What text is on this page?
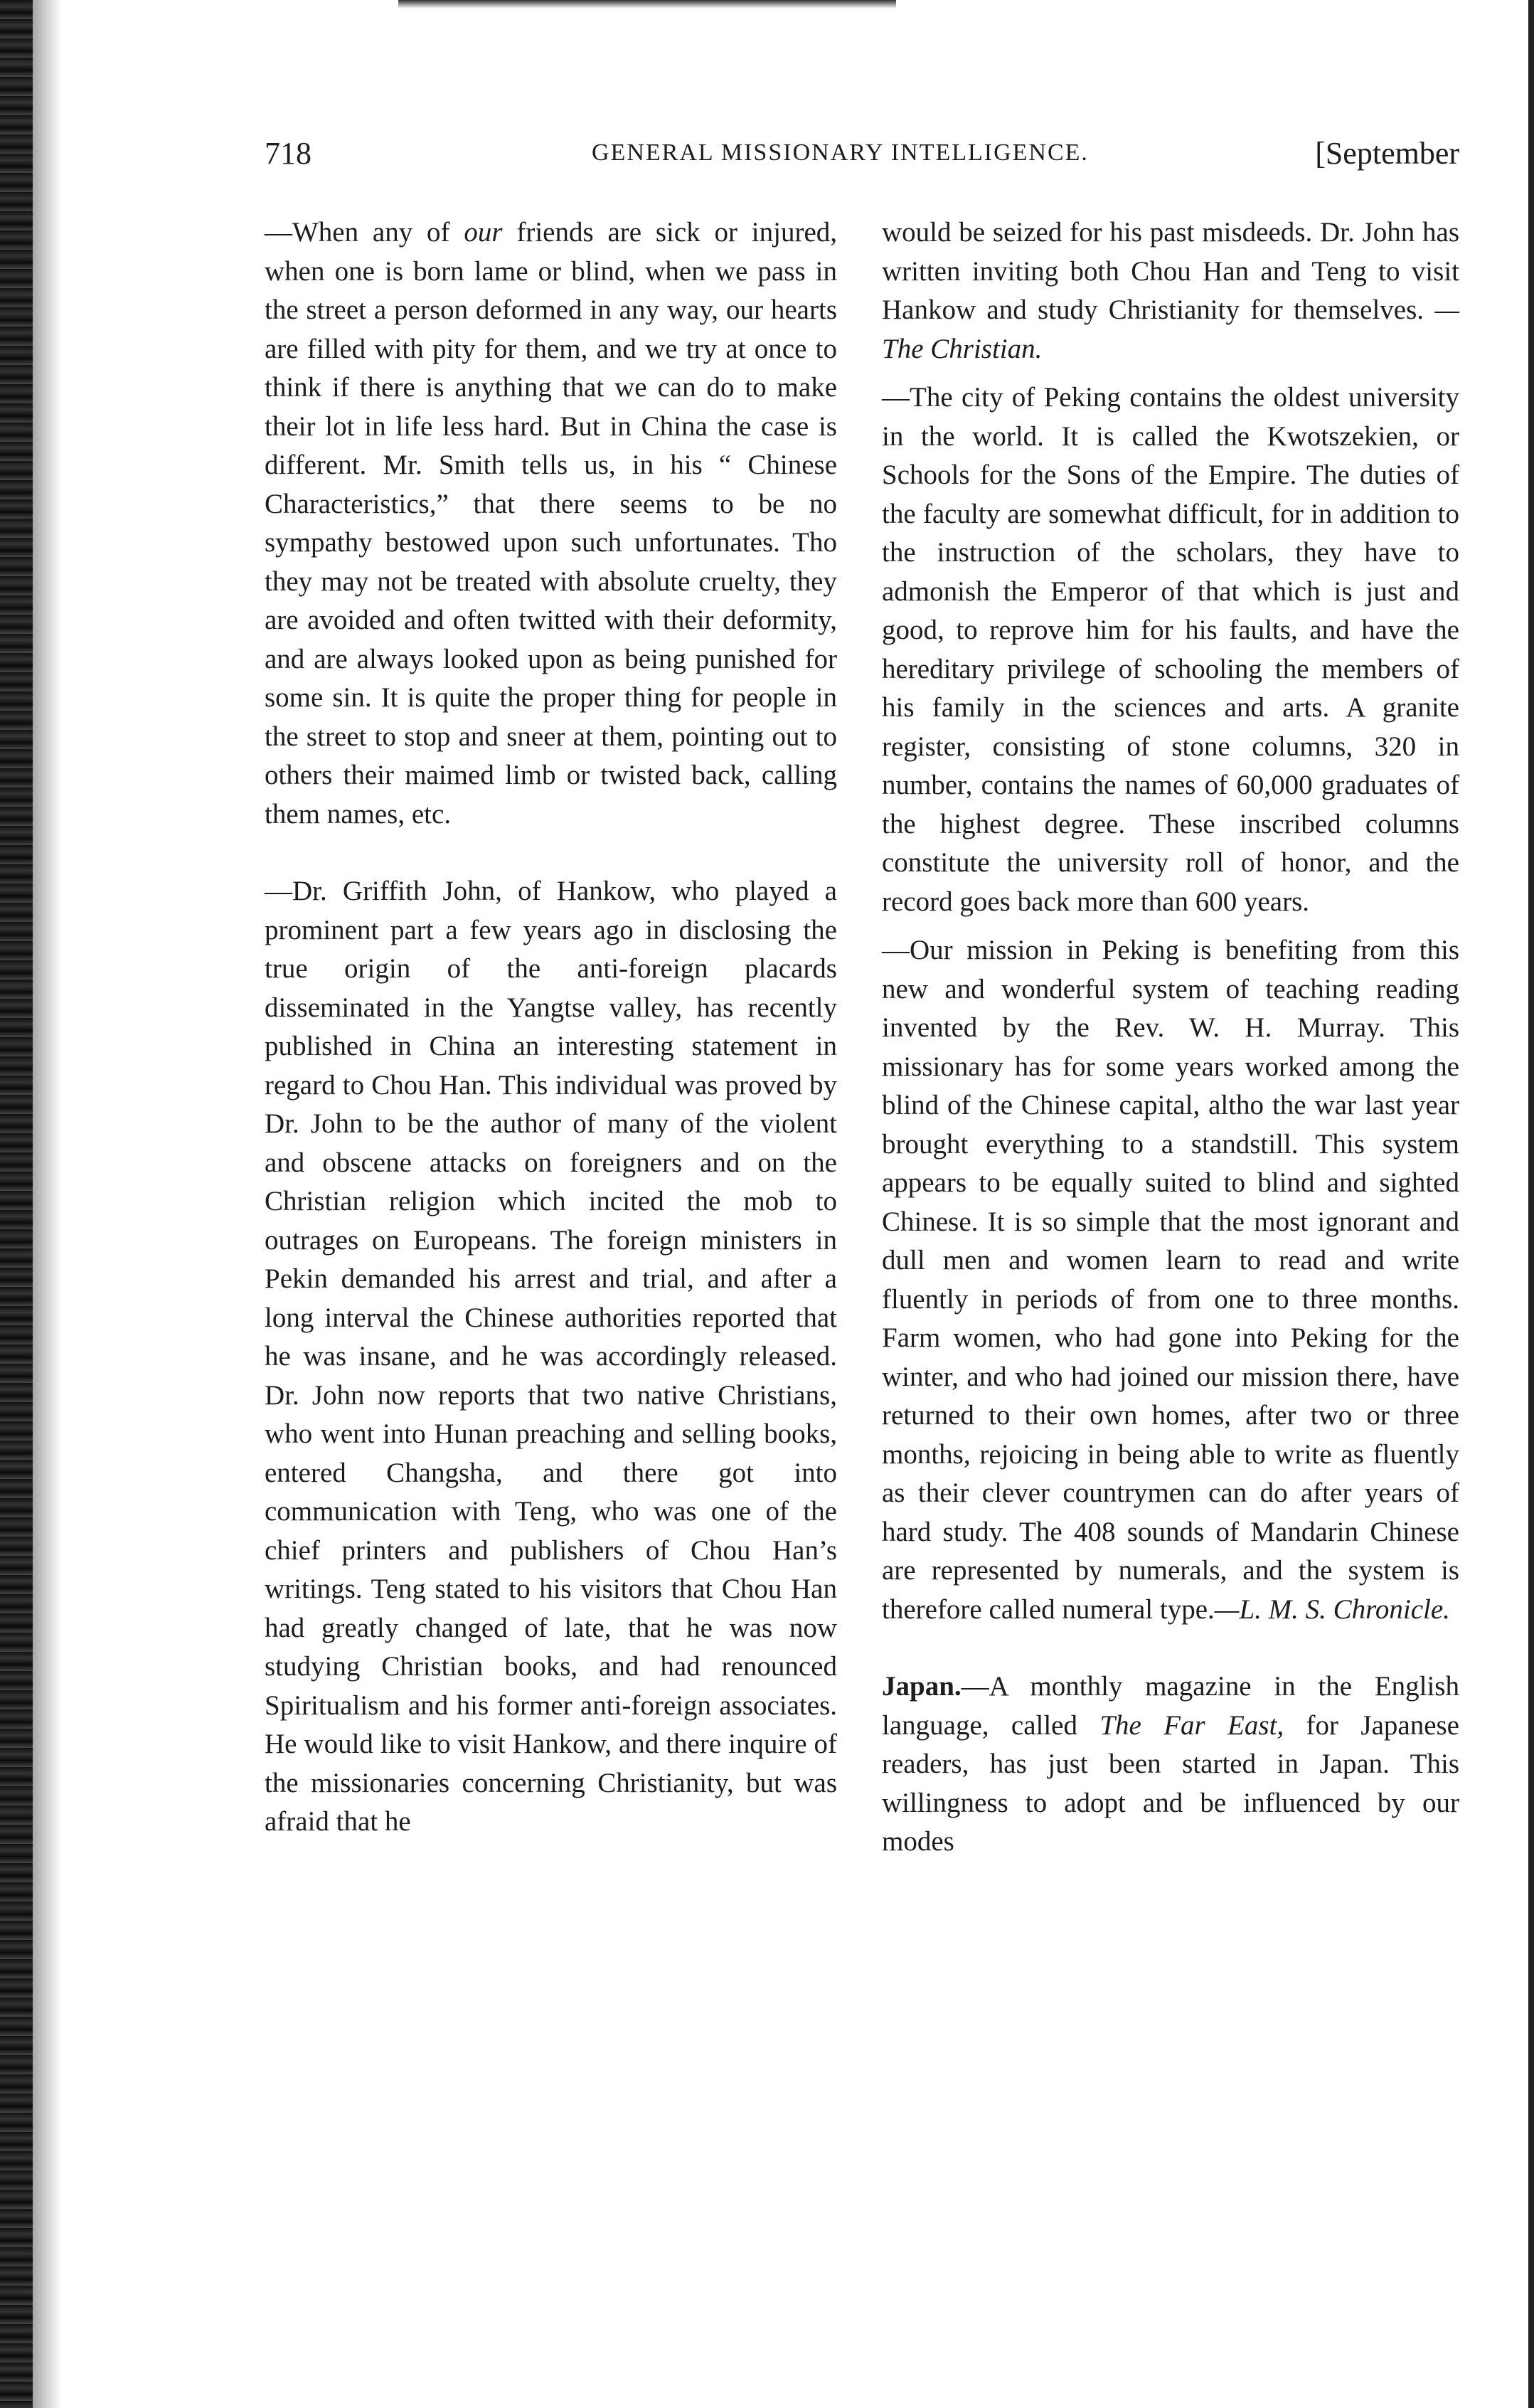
718	GENERAL MISSIONARY INTELLIGENCE.	[September

—When any of our friends are sick or injured, when one is born lame or blind, when we pass in the street a person deformed in any way, our hearts are filled with pity for them, and we try at once to think if there is anything that we can do to make their lot in life less hard. But in China the case is different. Mr. Smith tells us, in his “ Chinese Characteristics,” that there seems to be no sympathy bestowed upon such unfortunates. Tho they may not be treated with absolute cruelty, they are avoided and often twitted with their deformity, and are always looked upon as being punished for some sin. It is quite the proper thing for people in the street to stop and sneer at them, pointing out to others their maimed limb or twisted back, calling them names, etc.

—Dr. Griffith John, of Hankow, who played a prominent part a few years ago in disclosing the true origin of the anti-foreign placards disseminated in the Yangtse valley, has recently published in China an interesting statement in regard to Chou Han. This individual was proved by Dr. John to be the author of many of the violent and obscene attacks on foreigners and on the Christian religion which incited the mob to outrages on Europeans. The foreign ministers in Pekin demanded his arrest and trial, and after a long interval the Chinese authorities reported that he was insane, and he was accordingly released. Dr. John now reports that two native Christians, who went into Hunan preaching and selling books, entered Changsha, and there got into communication with Teng, who was one of the chief printers and publishers of Chou Han’s writings. Teng stated to his visitors that Chou Han had greatly changed of late, that he was now studying Christian books, and had renounced Spiritualism and his former anti-foreign associates. He would like to visit Hankow, and there inquire of the missionaries concerning Christianity, but was afraid that he

would be seized for his past misdeeds. Dr. John has written inviting both Chou Han and Teng to visit Hankow and study Christianity for themselves. —The Christian.

—The city of Peking contains the oldest university in the world. It is called the Kwotszekien, or Schools for the Sons of the Empire. The duties of the faculty are somewhat difficult, for in addition to the instruction of the scholars, they have to admonish the Emperor of that which is just and good, to reprove him for his faults, and have the hereditary privilege of schooling the members of his family in the sciences and arts. A granite register, consisting of stone columns, 320 in number, contains the names of 60,000 graduates of the highest degree. These inscribed columns constitute the university roll of honor, and the record goes back more than 600 years.

—Our mission in Peking is benefiting from this new and wonderful system of teaching reading invented by the Rev. W. H. Murray. This missionary has for some years worked among the blind of the Chinese capital, altho the war last year brought everything to a standstill. This system appears to be equally suited to blind and sighted Chinese. It is so simple that the most ignorant and dull men and women learn to read and write fluently in periods of from one to three months. Farm women, who had gone into Peking for the winter, and who had joined our mission there, have returned to their own homes, after two or three months, rejoicing in being able to write as fluently as their clever countrymen can do after years of hard study. The 408 sounds of Mandarin Chinese are represented by numerals, and the system is therefore called numeral type.—L. M. S. Chronicle.

Japan.—A monthly magazine in the English language, called The Far East, for Japanese readers, has just been started in Japan. This willingness to adopt and be influenced by our modes
